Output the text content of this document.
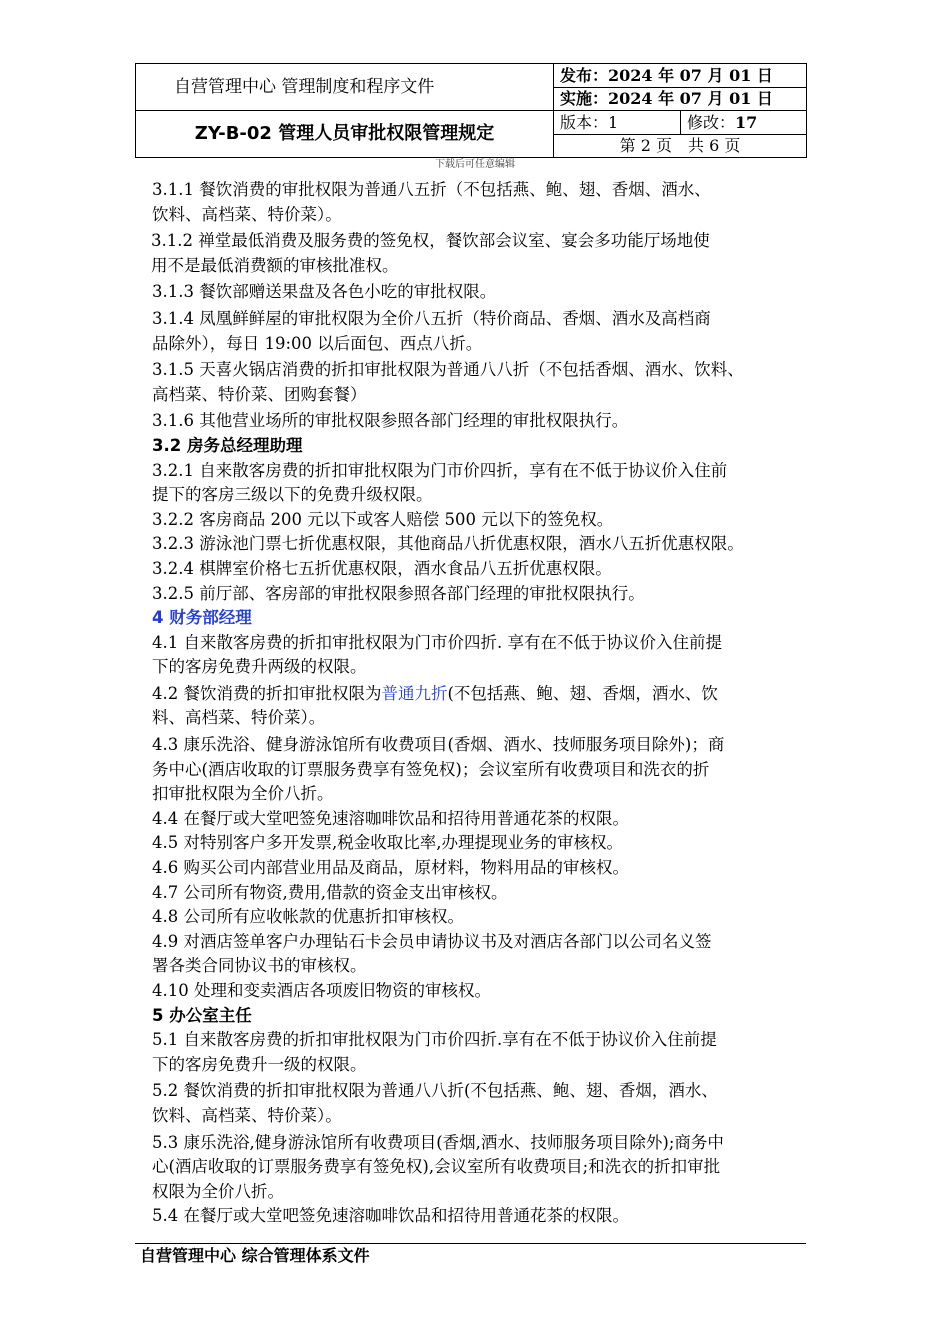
自营管理中心 管理制度和程序文件	发布：2024 年 07 月 01 日	
	实施：2024 年 07 月 01 日	
ZY-B-02 管理人员审批权限管理规定	版本：1	修改：17
	第 2 页　共 6 页	
下载后可任意编辑

3.1.1 餐饮消费的审批权限为普通八五折（不包括燕、鲍、翅、香烟、酒水、

饮料、高档菜、特价菜）。

3.1.2 禅堂最低消费及服务费的签免权，餐饮部会议室、宴会多功能厅场地使

用不是最低消费额的审核批准权。

3.1.3 餐饮部赠送果盘及各色小吃的审批权限。

3.1.4 凤凰鲜鲜屋的审批权限为全价八五折（特价商品、香烟、酒水及高档商

品除外），每日 19:00 以后面包、西点八折。

3.1.5 天喜火锅店消费的折扣审批权限为普通八八折（不包括香烟、酒水、饮料、

高档菜、特价菜、团购套餐）

3.1.6 其他营业场所的审批权限参照各部门经理的审批权限执行。

3.2 房务总经理助理

3.2.1 自来散客房费的折扣审批权限为门市价四折，享有在不低于协议价入住前

提下的客房三级以下的免费升级权限。

3.2.2 客房商品 200 元以下或客人赔偿 500 元以下的签免权。

3.2.3 游泳池门票七折优惠权限，其他商品八折优惠权限，酒水八五折优惠权限。

3.2.4 棋牌室价格七五折优惠权限，酒水食品八五折优惠权限。

3.2.5 前厅部、客房部的审批权限参照各部门经理的审批权限执行。

4 财务部经理

4.1 自来散客房费的折扣审批权限为门市价四折. 享有在不低于协议价入住前提

下的客房免费升两级的权限。

4.2 餐饮消费的折扣审批权限为普通九折(不包括燕、鲍、翅、香烟，酒水、饮

料、高档菜、特价菜）。

4.3 康乐洗浴、健身游泳馆所有收费项目(香烟、酒水、技师服务项目除外)；商

务中心(酒店收取的订票服务费享有签免权)；会议室所有收费项目和洗衣的折

扣审批权限为全价八折。

4.4 在餐厅或大堂吧签免速溶咖啡饮品和招待用普通花茶的权限。

4.5 对特别客户多开发票,税金收取比率,办理提现业务的审核权。

4.6 购买公司内部营业用品及商品，原材料，物料用品的审核权。

4.7 公司所有物资,费用,借款的资金支出审核权。

4.8 公司所有应收帐款的优惠折扣审核权。

4.9 对酒店签单客户办理钻石卡会员申请协议书及对酒店各部门以公司名义签

署各类合同协议书的审核权。

4.10 处理和变卖酒店各项废旧物资的审核权。

5 办公室主任

5.1 自来散客房费的折扣审批权限为门市价四折.享有在不低于协议价入住前提

下的客房免费升一级的权限。

5.2 餐饮消费的折扣审批权限为普通八八折(不包括燕、鲍、翅、香烟，酒水、

饮料、高档菜、特价菜）。

5.3 康乐洗浴,健身游泳馆所有收费项目(香烟,酒水、技师服务项目除外);商务中

心(酒店收取的订票服务费享有签免权),会议室所有收费项目;和洗衣的折扣审批

权限为全价八折。

5.4 在餐厅或大堂吧签免速溶咖啡饮品和招待用普通花茶的权限。

自营管理中心 综合管理体系文件
